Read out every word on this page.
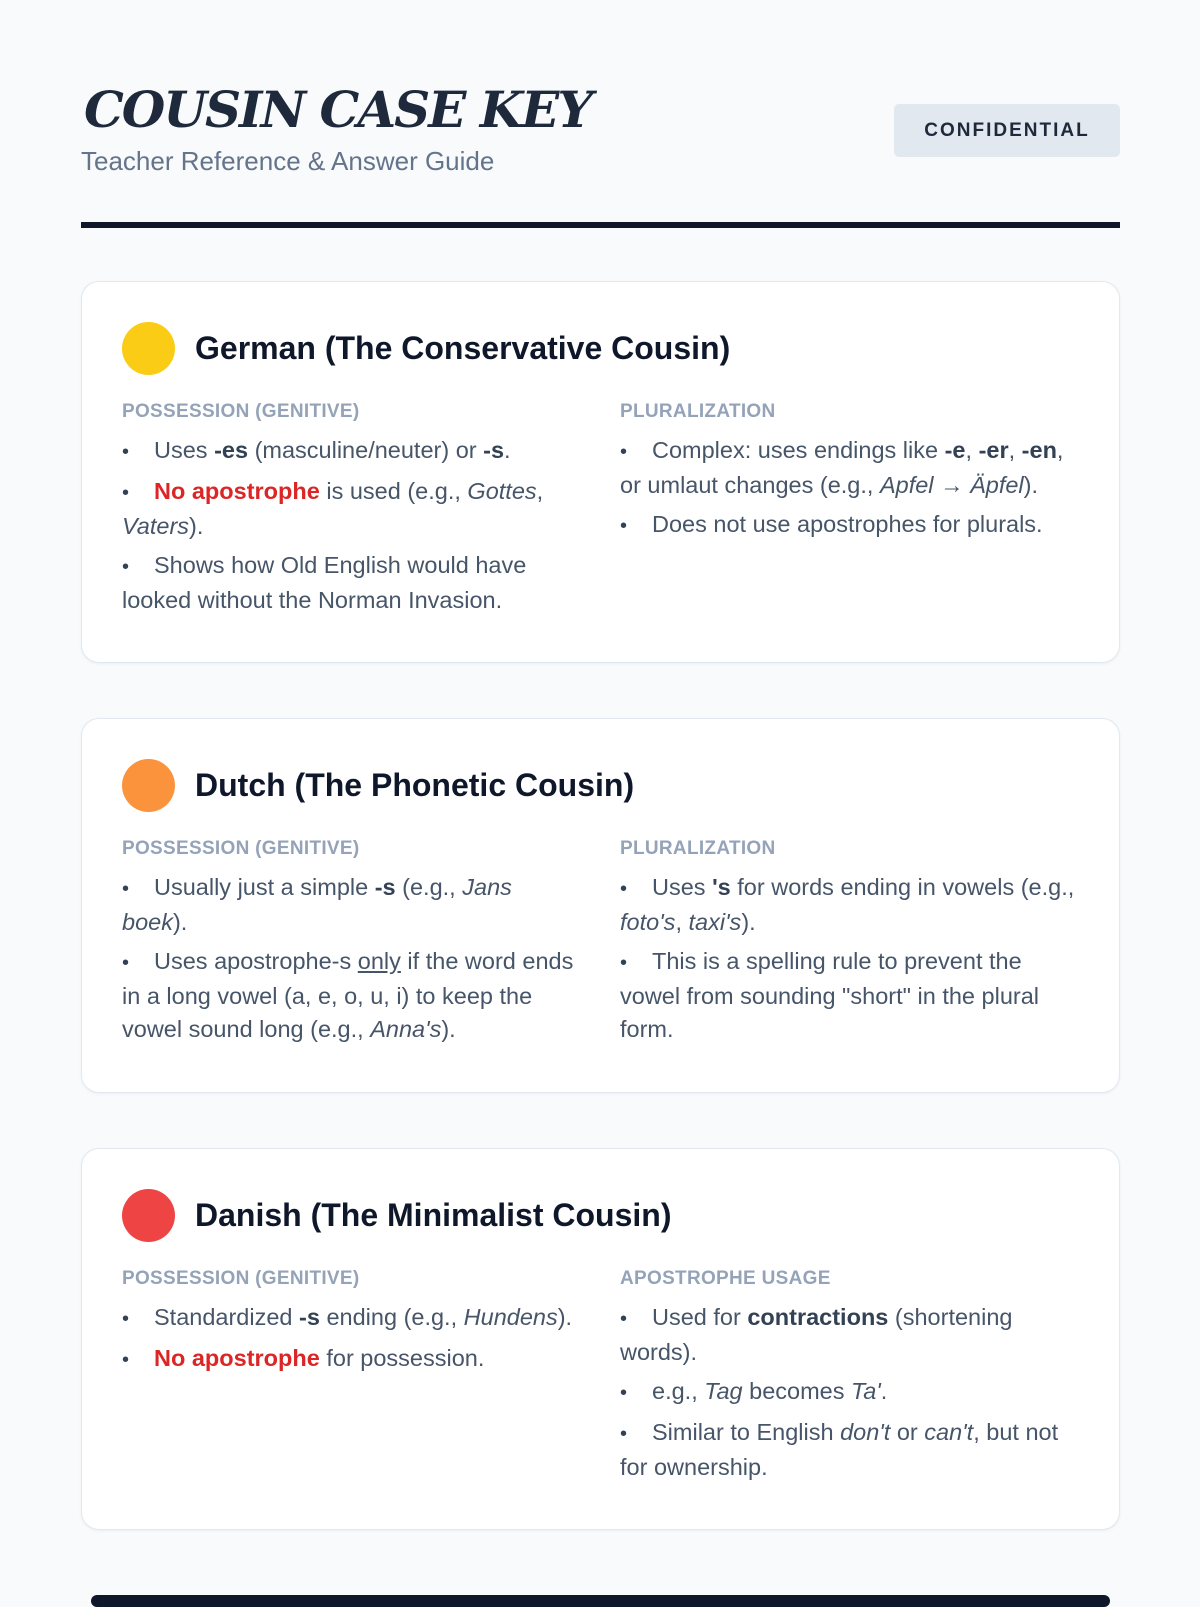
COUSIN CASE KEY
Teacher Reference & Answer Guide
CONFIDENTIAL
German (The Conservative Cousin)
POSSESSION (GENITIVE)
• Uses -es (masculine/neuter) or -s.
• No apostrophe is used (e.g., Gottes, Vaters).
• Shows how Old English would have looked without the Norman Invasion.
PLURALIZATION
• Complex: uses endings like -e, -er, -en, or umlaut changes (e.g., Apfel → Äpfel).
• Does not use apostrophes for plurals.
Dutch (The Phonetic Cousin)
POSSESSION (GENITIVE)
• Usually just a simple -s (e.g., Jans boek).
• Uses apostrophe-s only if the word ends in a long vowel (a, e, o, u, i) to keep the vowel sound long (e.g., Anna's).
PLURALIZATION
• Uses 's for words ending in vowels (e.g., foto's, taxi's).
• This is a spelling rule to prevent the vowel from sounding "short" in the plural form.
Danish (The Minimalist Cousin)
POSSESSION (GENITIVE)
• Standardized -s ending (e.g., Hundens).
• No apostrophe for possession.
APOSTROPHE USAGE
• Used for contractions (shortening words).
• e.g., Tag becomes Ta'.
• Similar to English don't or can't, but not for ownership.
